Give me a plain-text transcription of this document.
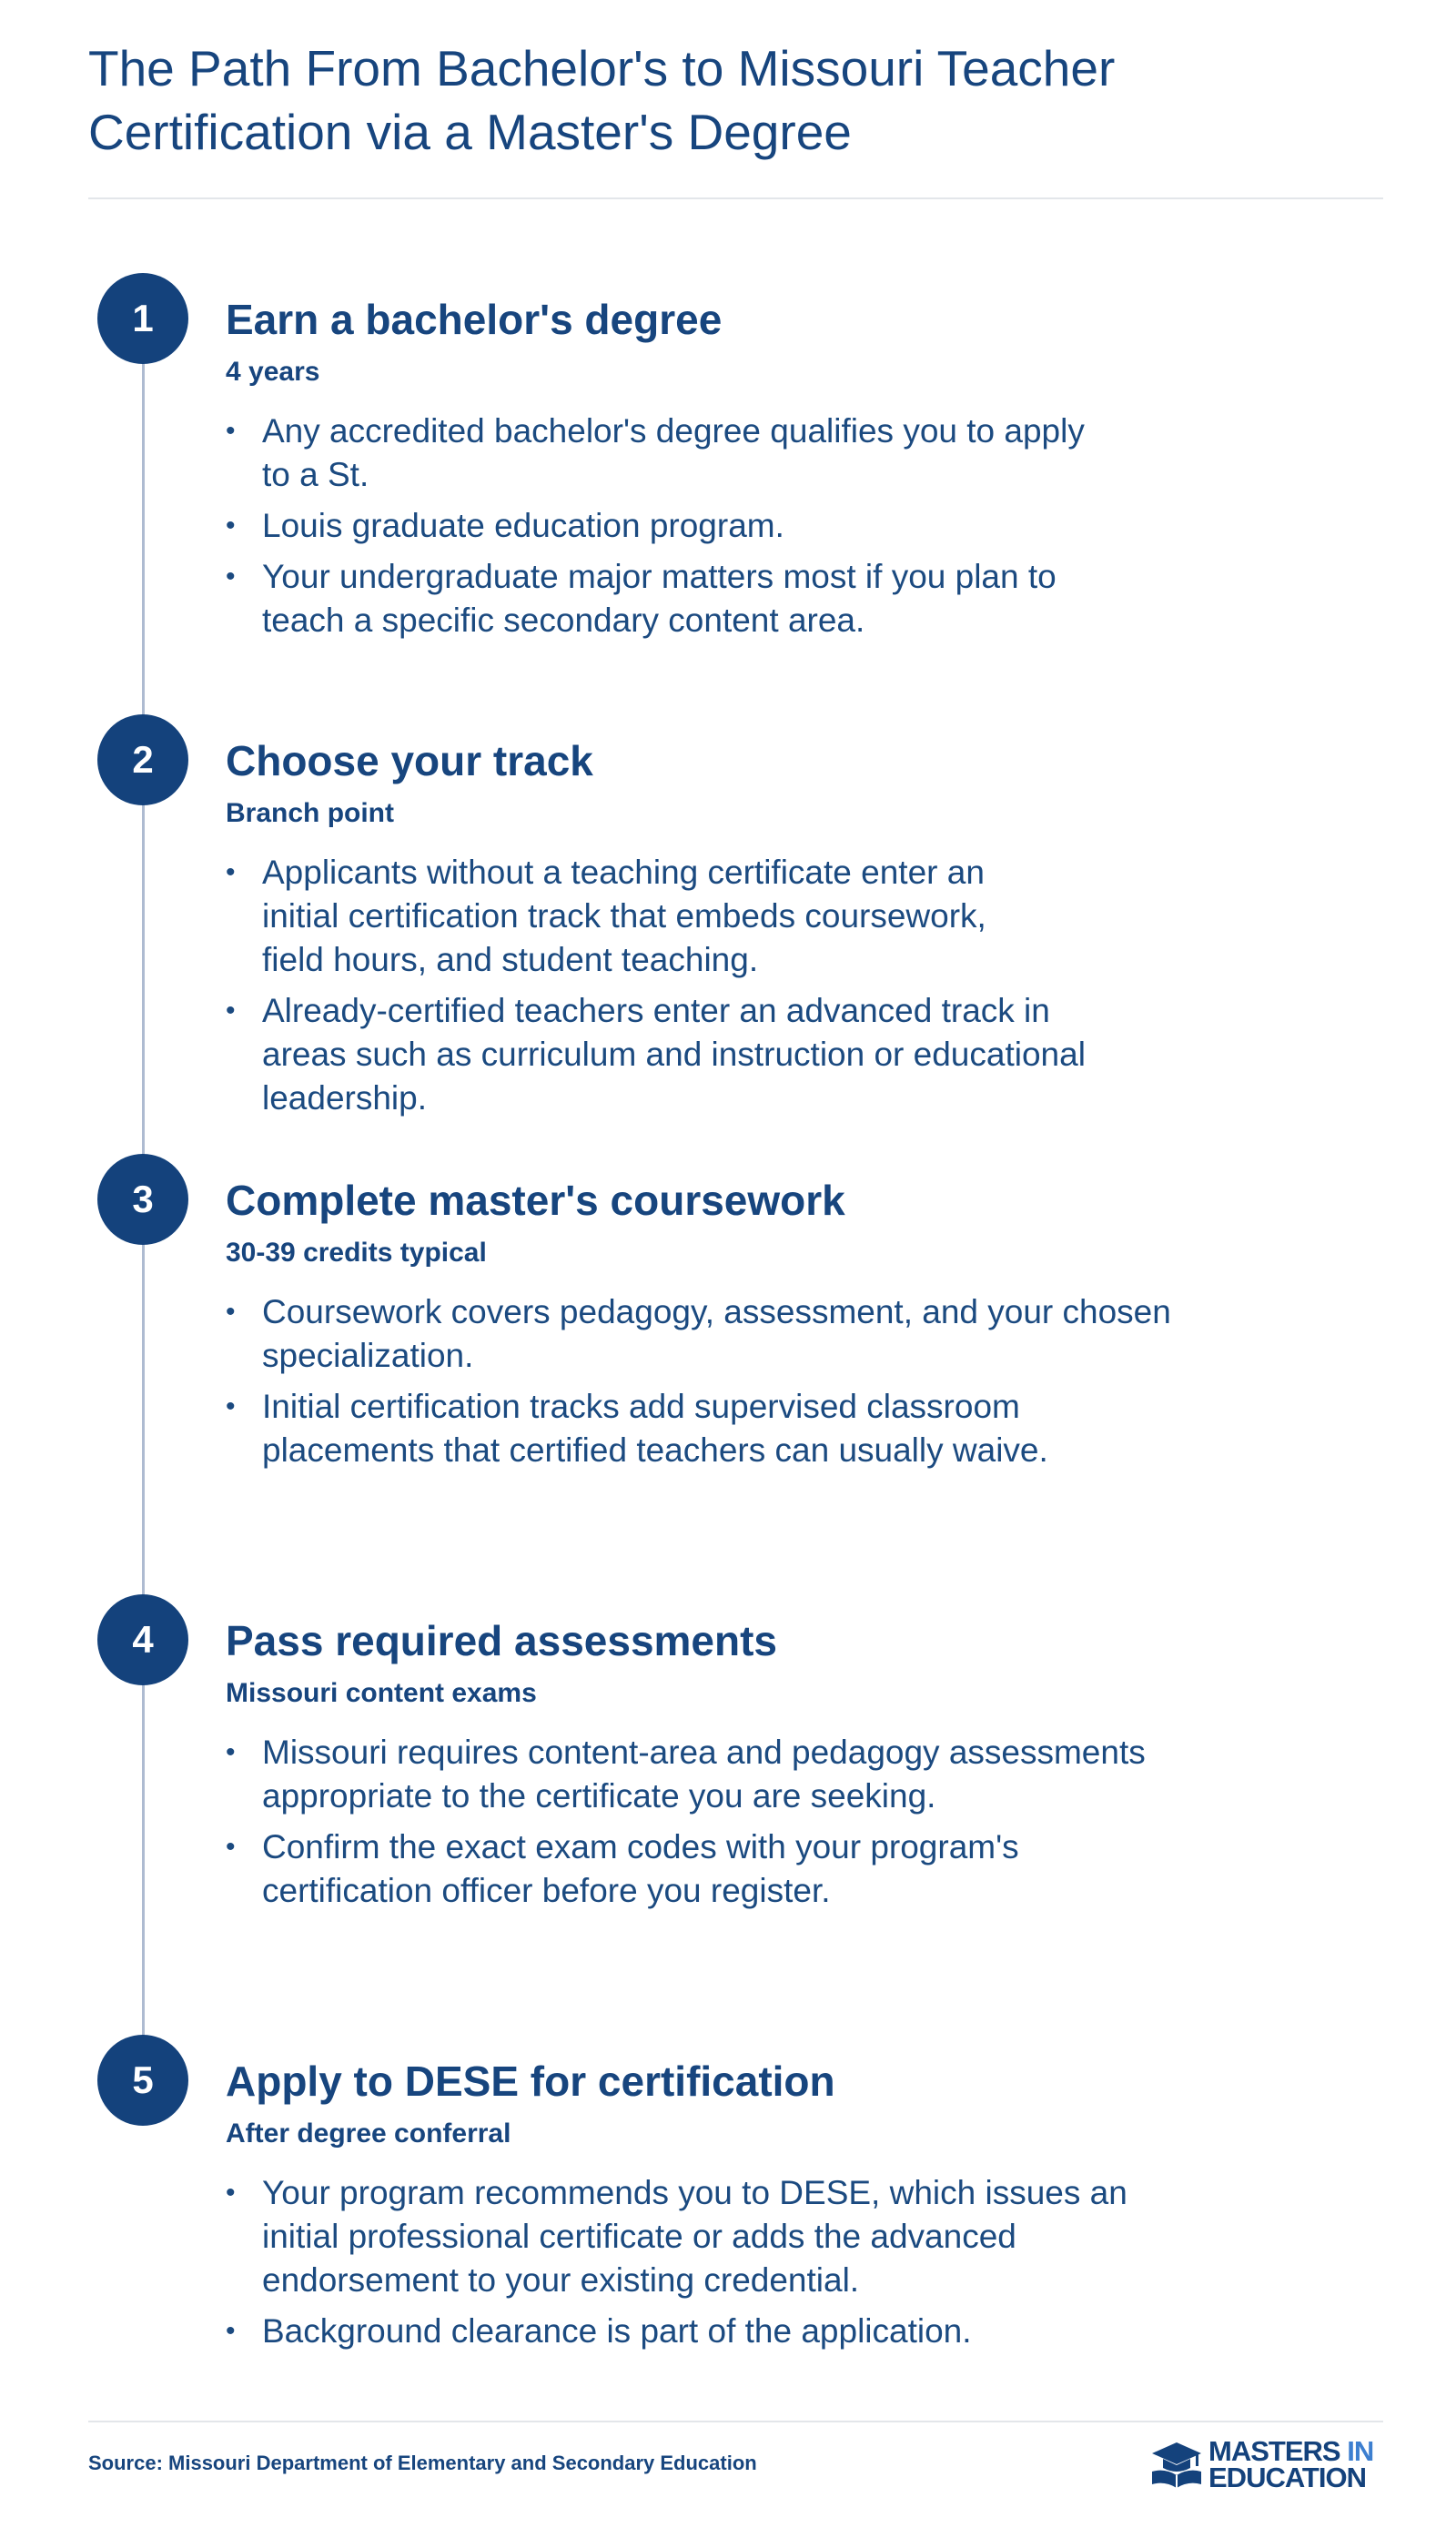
The Path From Bachelor's to Missouri Teacher Certification via a Master's Degree
1	Earn a bachelor's degree
4 years
• Any accredited bachelor's degree qualifies you to apply to a St.
• Louis graduate education program.
• Your undergraduate major matters most if you plan to teach a specific secondary content area.
2	Choose your track
Branch point
• Applicants without a teaching certificate enter an initial certification track that embeds coursework, field hours, and student teaching.
• Already-certified teachers enter an advanced track in areas such as curriculum and instruction or educational leadership.
3	Complete master's coursework
30-39 credits typical
• Coursework covers pedagogy, assessment, and your chosen specialization.
• Initial certification tracks add supervised classroom placements that certified teachers can usually waive.
4	Pass required assessments
Missouri content exams
• Missouri requires content-area and pedagogy assessments appropriate to the certificate you are seeking.
• Confirm the exact exam codes with your program's certification officer before you register.
5	Apply to DESE for certification
After degree conferral
• Your program recommends you to DESE, which issues an initial professional certificate or adds the advanced endorsement to your existing credential.
• Background clearance is part of the application.
Source: Missouri Department of Elementary and Secondary Education	MASTERS IN
EDUCATION
